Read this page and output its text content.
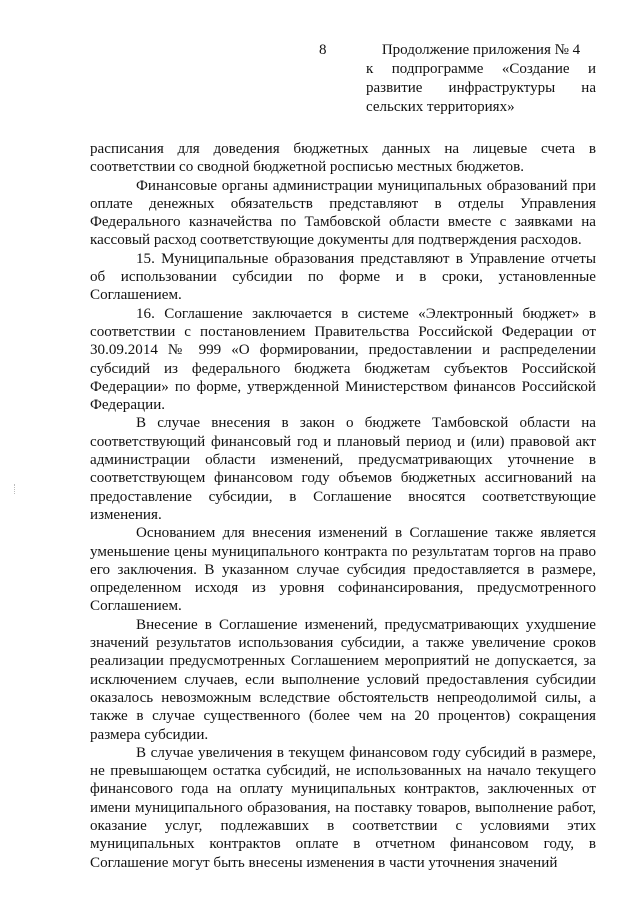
8	Продолжение приложения № 4
к подпрограмме «Создание и развитие инфраструктуры на сельских территориях»

расписания для доведения бюджетных данных на лицевые счета в соответствии со сводной бюджетной росписью местных бюджетов.

Финансовые органы администрации муниципальных образований при оплате денежных обязательств представляют в отделы Управления Федерального казначейства по Тамбовской области вместе с заявками на кассовый расход соответствующие документы для подтверждения расходов.

15. Муниципальные образования представляют в Управление отчеты об использовании субсидии по форме и в сроки, установленные Соглашением.

16. Соглашение заключается в системе «Электронный бюджет» в соответствии с постановлением Правительства Российской Федерации от 30.09.2014 № 999 «О формировании, предоставлении и распределении субсидий из федерального бюджета бюджетам субъектов Российской Федерации» по форме, утвержденной Министерством финансов Российской Федерации.

В случае внесения в закон о бюджете Тамбовской области на соответствующий финансовый год и плановый период и (или) правовой акт администрации области изменений, предусматривающих уточнение в соответствующем финансовом году объемов бюджетных ассигнований на предоставление субсидии, в Соглашение вносятся соответствующие изменения.

Основанием для внесения изменений в Соглашение также является уменьшение цены муниципального контракта по результатам торгов на право его заключения. В указанном случае субсидия предоставляется в размере, определенном исходя из уровня софинансирования, предусмотренного Соглашением.

Внесение в Соглашение изменений, предусматривающих ухудшение значений результатов использования субсидии, а также увеличение сроков реализации предусмотренных Соглашением мероприятий не допускается, за исключением случаев, если выполнение условий предоставления субсидии оказалось невозможным вследствие обстоятельств непреодолимой силы, а также в случае существенного (более чем на 20 процентов) сокращения размера субсидии.

В случае увеличения в текущем финансовом году субсидий в размере, не превышающем остатка субсидий, не использованных на начало текущего финансового года на оплату муниципальных контрактов, заключенных от имени муниципального образования, на поставку товаров, выполнение работ, оказание услуг, подлежавших в соответствии с условиями этих муниципальных контрактов оплате в отчетном финансовом году, в Соглашение могут быть внесены изменения в части уточнения значений
